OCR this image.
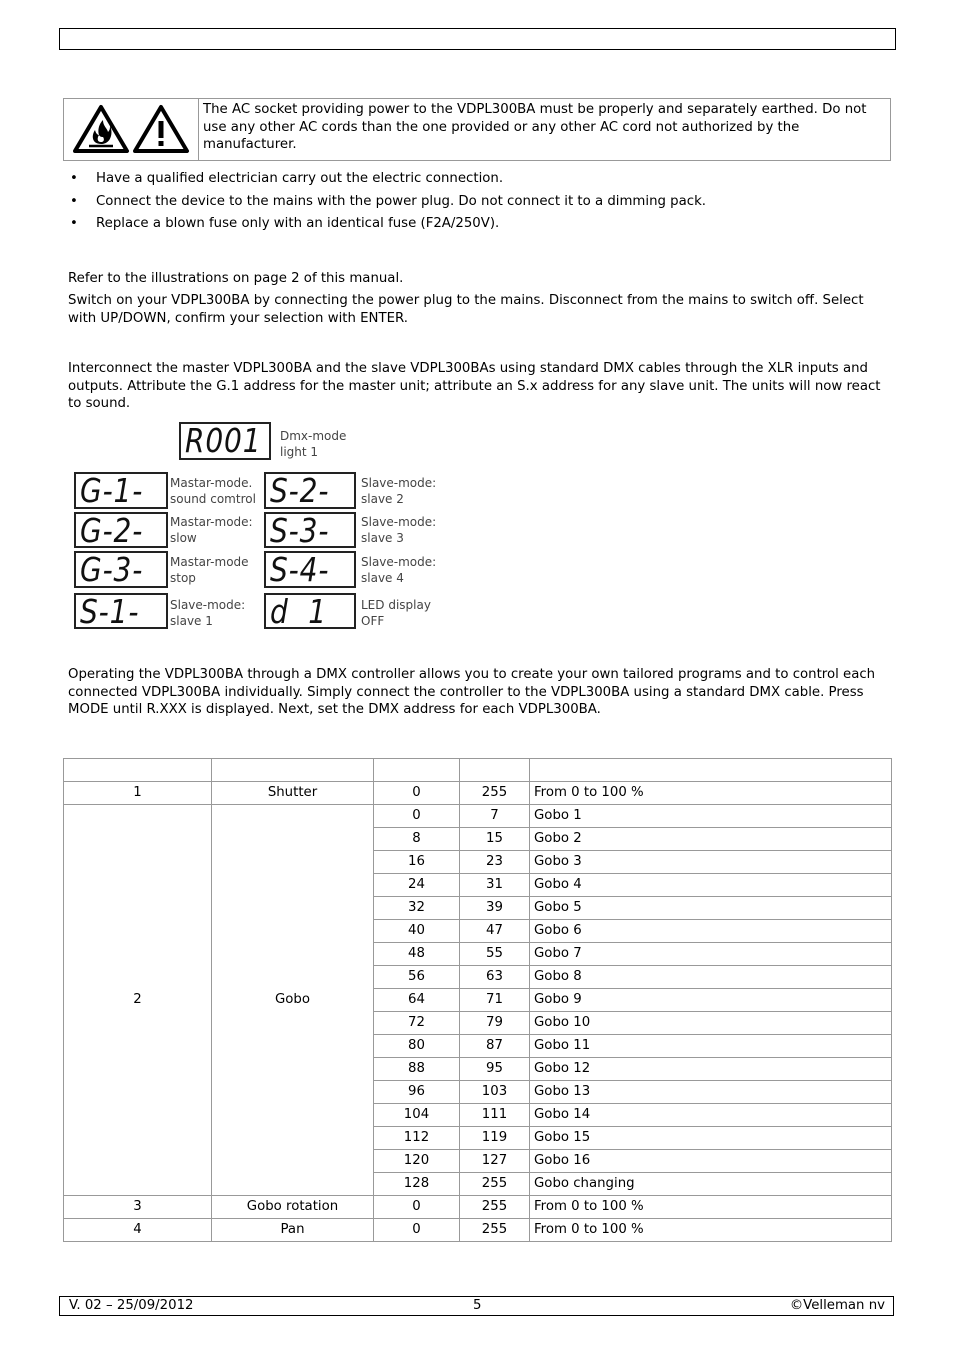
	The AC socket providing power to the VDPL300BA must be properly and separately earthed. Do not use any other AC cords than the one provided or any other AC cord not authorized by the manufacturer.
• Have a qualified electrician carry out the electric connection.
• Connect the device to the mains with the power plug. Do not connect it to a dimming pack.
• Replace a blown fuse only with an identical fuse (F2A/250V).

Refer to the illustrations on page 2 of this manual.

Switch on your VDPL300BA by connecting the power plug to the mains. Disconnect from the mains to switch off. Select with UP/DOWN, confirm your selection with ENTER.

Interconnect the master VDPL300BA and the slave VDPL300BAs using standard DMX cables through the XLR inputs and outputs. Attribute the G.1 address for the master unit; attribute an S.x address for any slave unit. The units will now react to sound.

R001	Dmx-mode
light 1
G-1-	Mastar-mode.
sound comtrol S-2-	Slave-mode:
slave 2
G-2-	Mastar-mode:
slow	S-3-	Slave-mode:
slave 3
G-3-	Mastar-mode
stop	S-4-	Slave-mode:
slave 4
S-1-	Slave-mode:
slave 1	d  1	LED display
OFF

Operating the VDPL300BA through a DMX controller allows you to create your own tailored programs and to control each connected VDPL300BA individually. Simply connect the controller to the VDPL300BA using a standard DMX cable. Press MODE until R.XXX is displayed. Next, set the DMX address for each VDPL300BA.

1	Shutter	0	255	From 0 to 100 %
2	Gobo	0	7	Gobo 1
		8	15	Gobo 2
		16	23	Gobo 3
		24	31	Gobo 4
		32	39	Gobo 5
		40	47	Gobo 6
		48	55	Gobo 7
		56	63	Gobo 8
		64	71	Gobo 9
		72	79	Gobo 10
		80	87	Gobo 11
		88	95	Gobo 12
		96	103	Gobo 13
		104	111	Gobo 14
		112	119	Gobo 15
		120	127	Gobo 16
		128	255	Gobo changing
3	Gobo rotation	0	255	From 0 to 100 %
4	Pan	0	255	From 0 to 100 %
V. 02 – 25/09/2012	5	©Velleman nv
